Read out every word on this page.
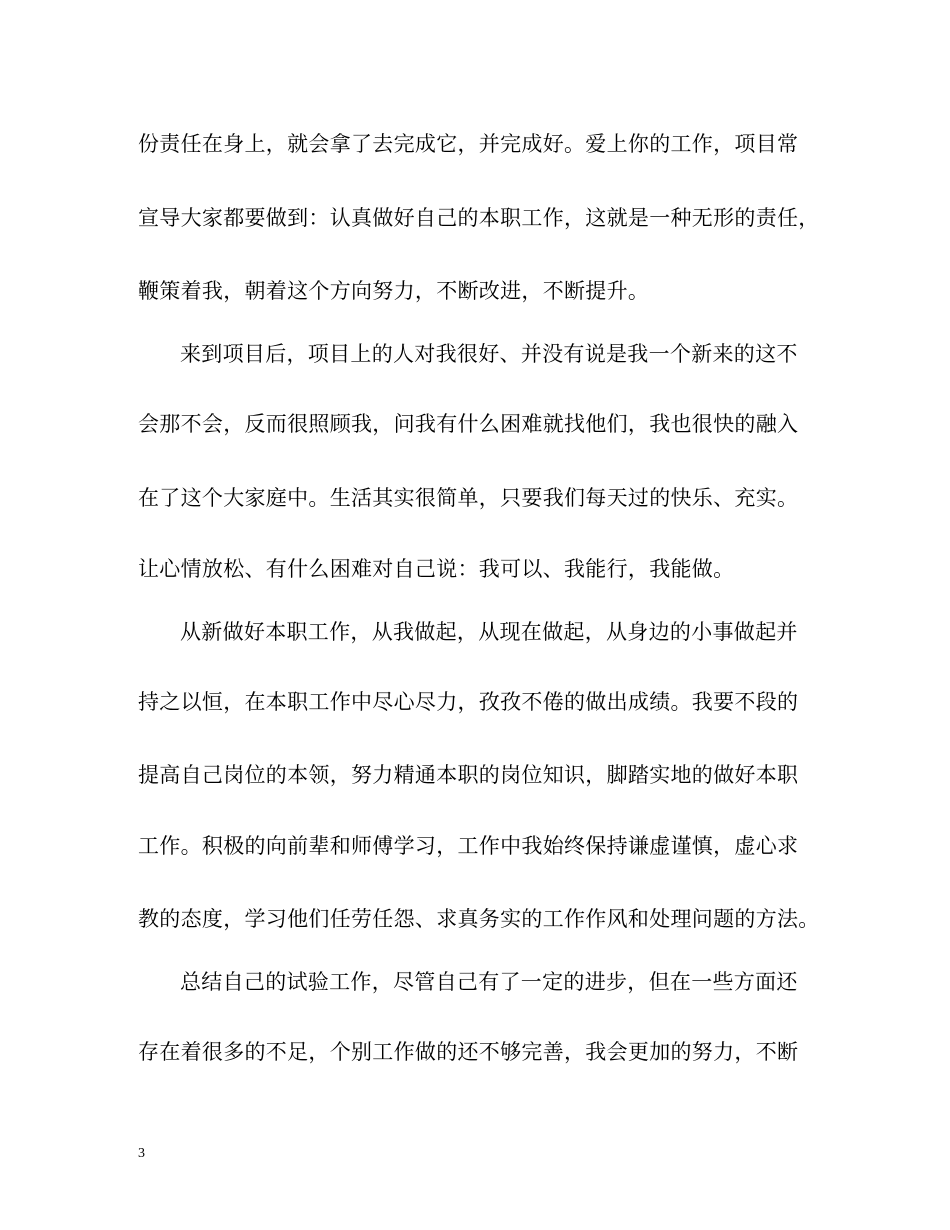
份责任在身上，就会拿了去完成它，并完成好。爱上你的工作，项目常
宣导大家都要做到：认真做好自己的本职工作，这就是一种无形的责任，
鞭策着我，朝着这个方向努力，不断改进，不断提升。
来到项目后，项目上的人对我很好、并没有说是我一个新来的这不
会那不会，反而很照顾我，问我有什么困难就找他们，我也很快的融入
在了这个大家庭中。生活其实很简单，只要我们每天过的快乐、充实。
让心情放松、有什么困难对自己说：我可以、我能行，我能做。
从新做好本职工作，从我做起，从现在做起，从身边的小事做起并
持之以恒，在本职工作中尽心尽力，孜孜不倦的做出成绩。我要不段的
提高自己岗位的本领，努力精通本职的岗位知识，脚踏实地的做好本职
工作。积极的向前辈和师傅学习，工作中我始终保持谦虚谨慎，虚心求
教的态度，学习他们任劳任怨、求真务实的工作作风和处理问题的方法。
总结自己的试验工作，尽管自己有了一定的进步，但在一些方面还
存在着很多的不足，个别工作做的还不够完善，我会更加的努力，不断
3
